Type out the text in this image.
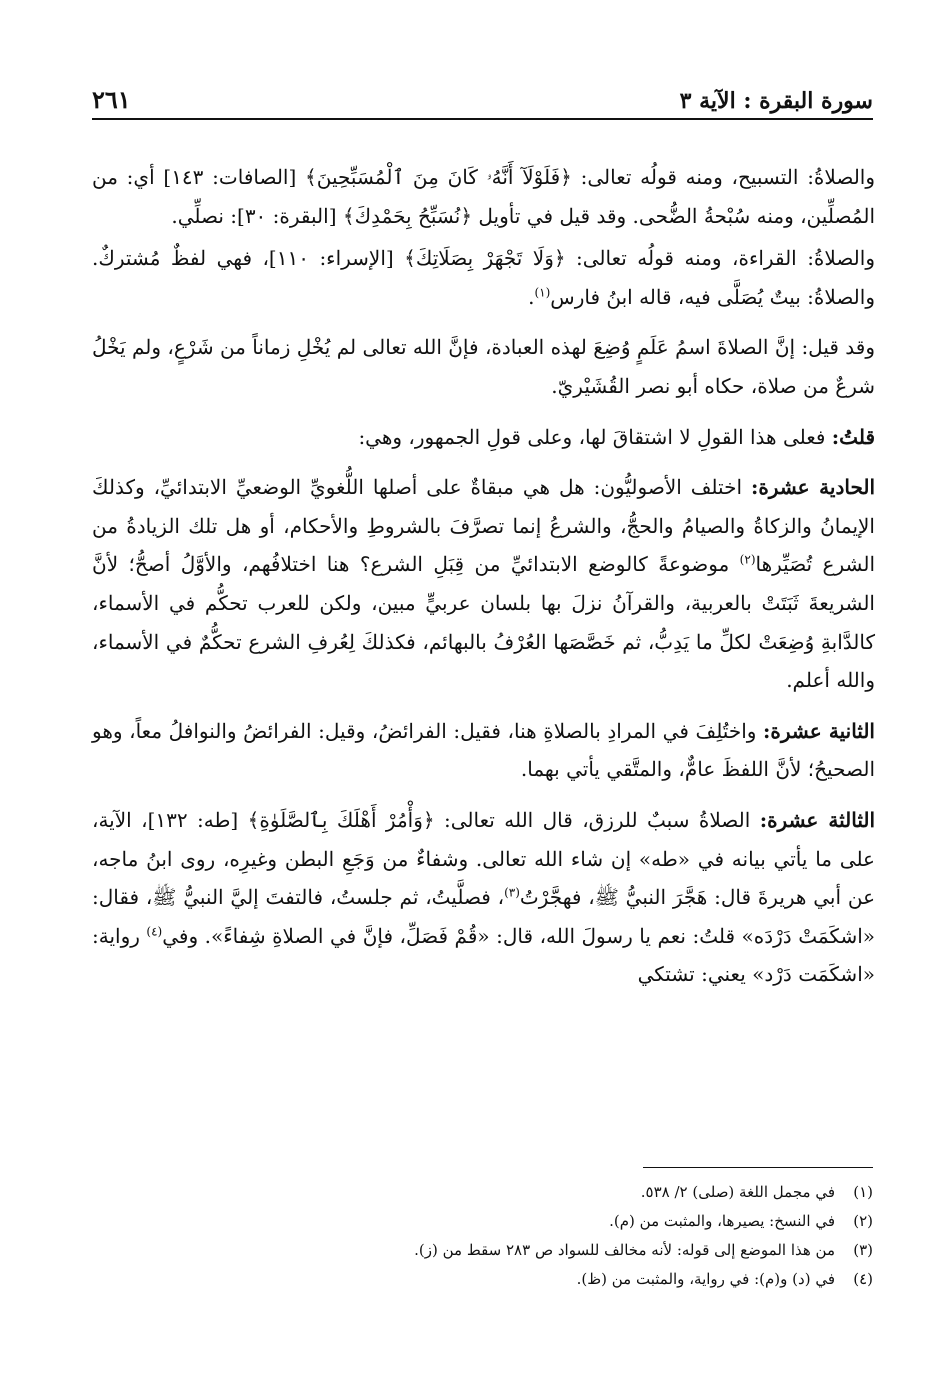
سورة البقرة : الآية ٣
٢٦١

والصلاةُ: التسبيح، ومنه قولُه تعالى: ﴿فَلَوْلَآ أَنَّهُۥ كَانَ مِنَ ٱلْمُسَبِّحِينَ﴾ [الصافات: ١٤٣] أي: من المُصلِّين، ومنه سُبْحةُ الضُّحى. وقد قيل في تأويل ﴿نُسَبِّحُ بِحَمْدِكَ﴾ [البقرة: ٣٠]: نصلِّي.

والصلاةُ: القراءة، ومنه قولُه تعالى: ﴿وَلَا تَجْهَرْ بِصَلَاتِكَ﴾ [الإسراء: ١١٠]، فهي لفظٌ مُشتركٌ. والصلاةُ: بيتٌ يُصَلَّى فيه، قاله ابنُ فارس$^{(١)}$.

وقد قيل: إنَّ الصلاةَ اسمُ عَلَمٍ وُضِعَ لهذه العبادة، فإنَّ الله تعالى لم يُخْلِ زماناً من شَرْعٍ، ولم يَخْلُ شرعٌ من صلاة، حكاه أبو نصر القُشَيْريّ.

قلتُ: فعلى هذا القولِ لا اشتقاقَ لها، وعلى قولِ الجمهور، وهي:

الحادية عشرة: اختلف الأصوليُّون: هل هي مبقاةٌ على أصلها اللُّغويِّ الوضعيِّ الابتدائيِّ، وكذلكَ الإيمانُ والزكاةُ والصيامُ والحجُّ، والشرعُ إنما تصرَّفَ بالشروطِ والأحكام، أو هل تلك الزيادةُ من الشرع تُصَيِّرها$^{(٢)}$ موضوعةً كالوضع الابتدائيِّ من قِبَلِ الشرع؟ هنا اختلافُهم، والأوَّلُ أصحُّ؛ لأنَّ الشريعةَ ثَبَتَتْ بالعربية، والقرآنُ نزلَ بها بلسان عربيٍّ مبين، ولكن للعرب تحكُّم في الأسماء، كالدَّابةِ وُضِعَتْ لكلِّ ما يَدِبُّ، ثم خَصَّصَها العُرْفُ بالبهائم، فكذلكَ لِعُرفِ الشرع تحكُّمٌ في الأسماء، والله أعلم.

الثانية عشرة: واختُلِفَ في المرادِ بالصلاةِ هنا، فقيل: الفرائضُ، وقيل: الفرائضُ والنوافلُ معاً، وهو الصحيحُ؛ لأنَّ اللفظَ عامٌّ، والمتَّقي يأتي بهما.

الثالثة عشرة: الصلاةُ سببٌ للرزق، قال الله تعالى: ﴿وَأْمُرْ أَهْلَكَ بِٱلصَّلَوٰةِ﴾ [طه: ١٣٢]، الآية، على ما يأتي بيانه في «طه» إن شاء الله تعالى. وشفاءٌ من وَجَعِ البطن وغيرِه، روى ابنُ ماجه، عن أبي هريرةَ قال: هَجَّرَ النبيُّ ﷺ، فهجَّرْتُ$^{(٣)}$، فصلَّيتُ، ثم جلستُ، فالتفتَ إليَّ النبيُّ ﷺ، فقال: «اشكَمَتْ دَرْدَه» قلتُ: نعم يا رسولَ الله، قال: «قُمْ فَصَلِّ، فإنَّ في الصلاةِ شِفاءً». وفي$^{(٤)}$ رواية: «اشكَمَت دَرْد» يعني: تشتكي

(١)
في مجمل اللغة (صلى) ٢/ ٥٣٨.
(٢)
في النسخ: يصيرها، والمثبت من (م).
(٣)
من هذا الموضع إلى قوله: لأنه مخالف للسواد ص ٢٨٣ سقط من (ز).
(٤)
في (د) و(م): في رواية، والمثبت من (ظ).
